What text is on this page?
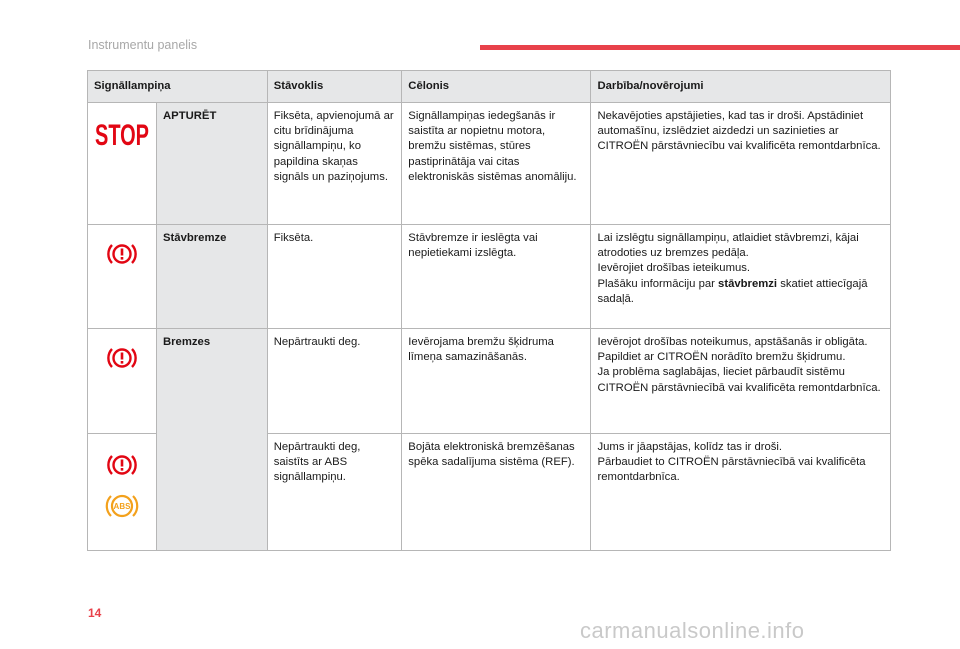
Instrumentu panelis
Signāllampiņa		Stāvoklis	Cēlonis	Darbība/novērojumi

STOP	APTURĒT	Fiksēta, apvienojumā ar citu brīdinājuma signāllampiņu, ko papildina skaņas signāls un paziņojums.	Signāllampiņas iedegšanās ir saistīta ar nopietnu motora, bremžu sistēmas, stūres pastiprinātāja vai citas elektroniskās sistēmas anomāliju.	Nekavējoties apstājieties, kad tas ir droši. Apstādiniet automašīnu, izslēdziet aizdedzi un sazinieties ar CITROËN pārstāvniecību vai kvalificēta remontdarbnīca.

	Stāvbremze	Fiksēta.	Stāvbremze ir ieslēgta vai nepietiekami izslēgta.	Lai izslēgtu signāllampiņu, atlaidiet stāvbremzi, kājai atrodoties uz bremzes pedāļa.
Ievērojiet drošības ieteikumus.
Plašāku informāciju par stāvbremzi skatiet attiecīgajā sadaļā.

	Bremzes	Nepārtraukti deg.	Ievērojama bremžu šķidruma līmeņa samazināšanās.	Ievērojot drošības noteikumus, apstāšanās ir obligāta.
Papildiet ar CITROËN norādīto bremžu šķidrumu.
Ja problēma saglabājas, lieciet pārbaudīt sistēmu CITROËN pārstāvniecībā vai kvalificēta remontdarbnīca.

ABS		Nepārtraukti deg, saistīts ar ABS signāllampiņu.	Bojāta elektroniskā bremzēšanas spēka sadalījuma sistēma (REF).	Jums ir jāapstājas, kolīdz tas ir droši.
Pārbaudiet to CITROËN pārstāvniecībā vai kvalificēta remontdarbnīca.
14
carmanualsonline.info
